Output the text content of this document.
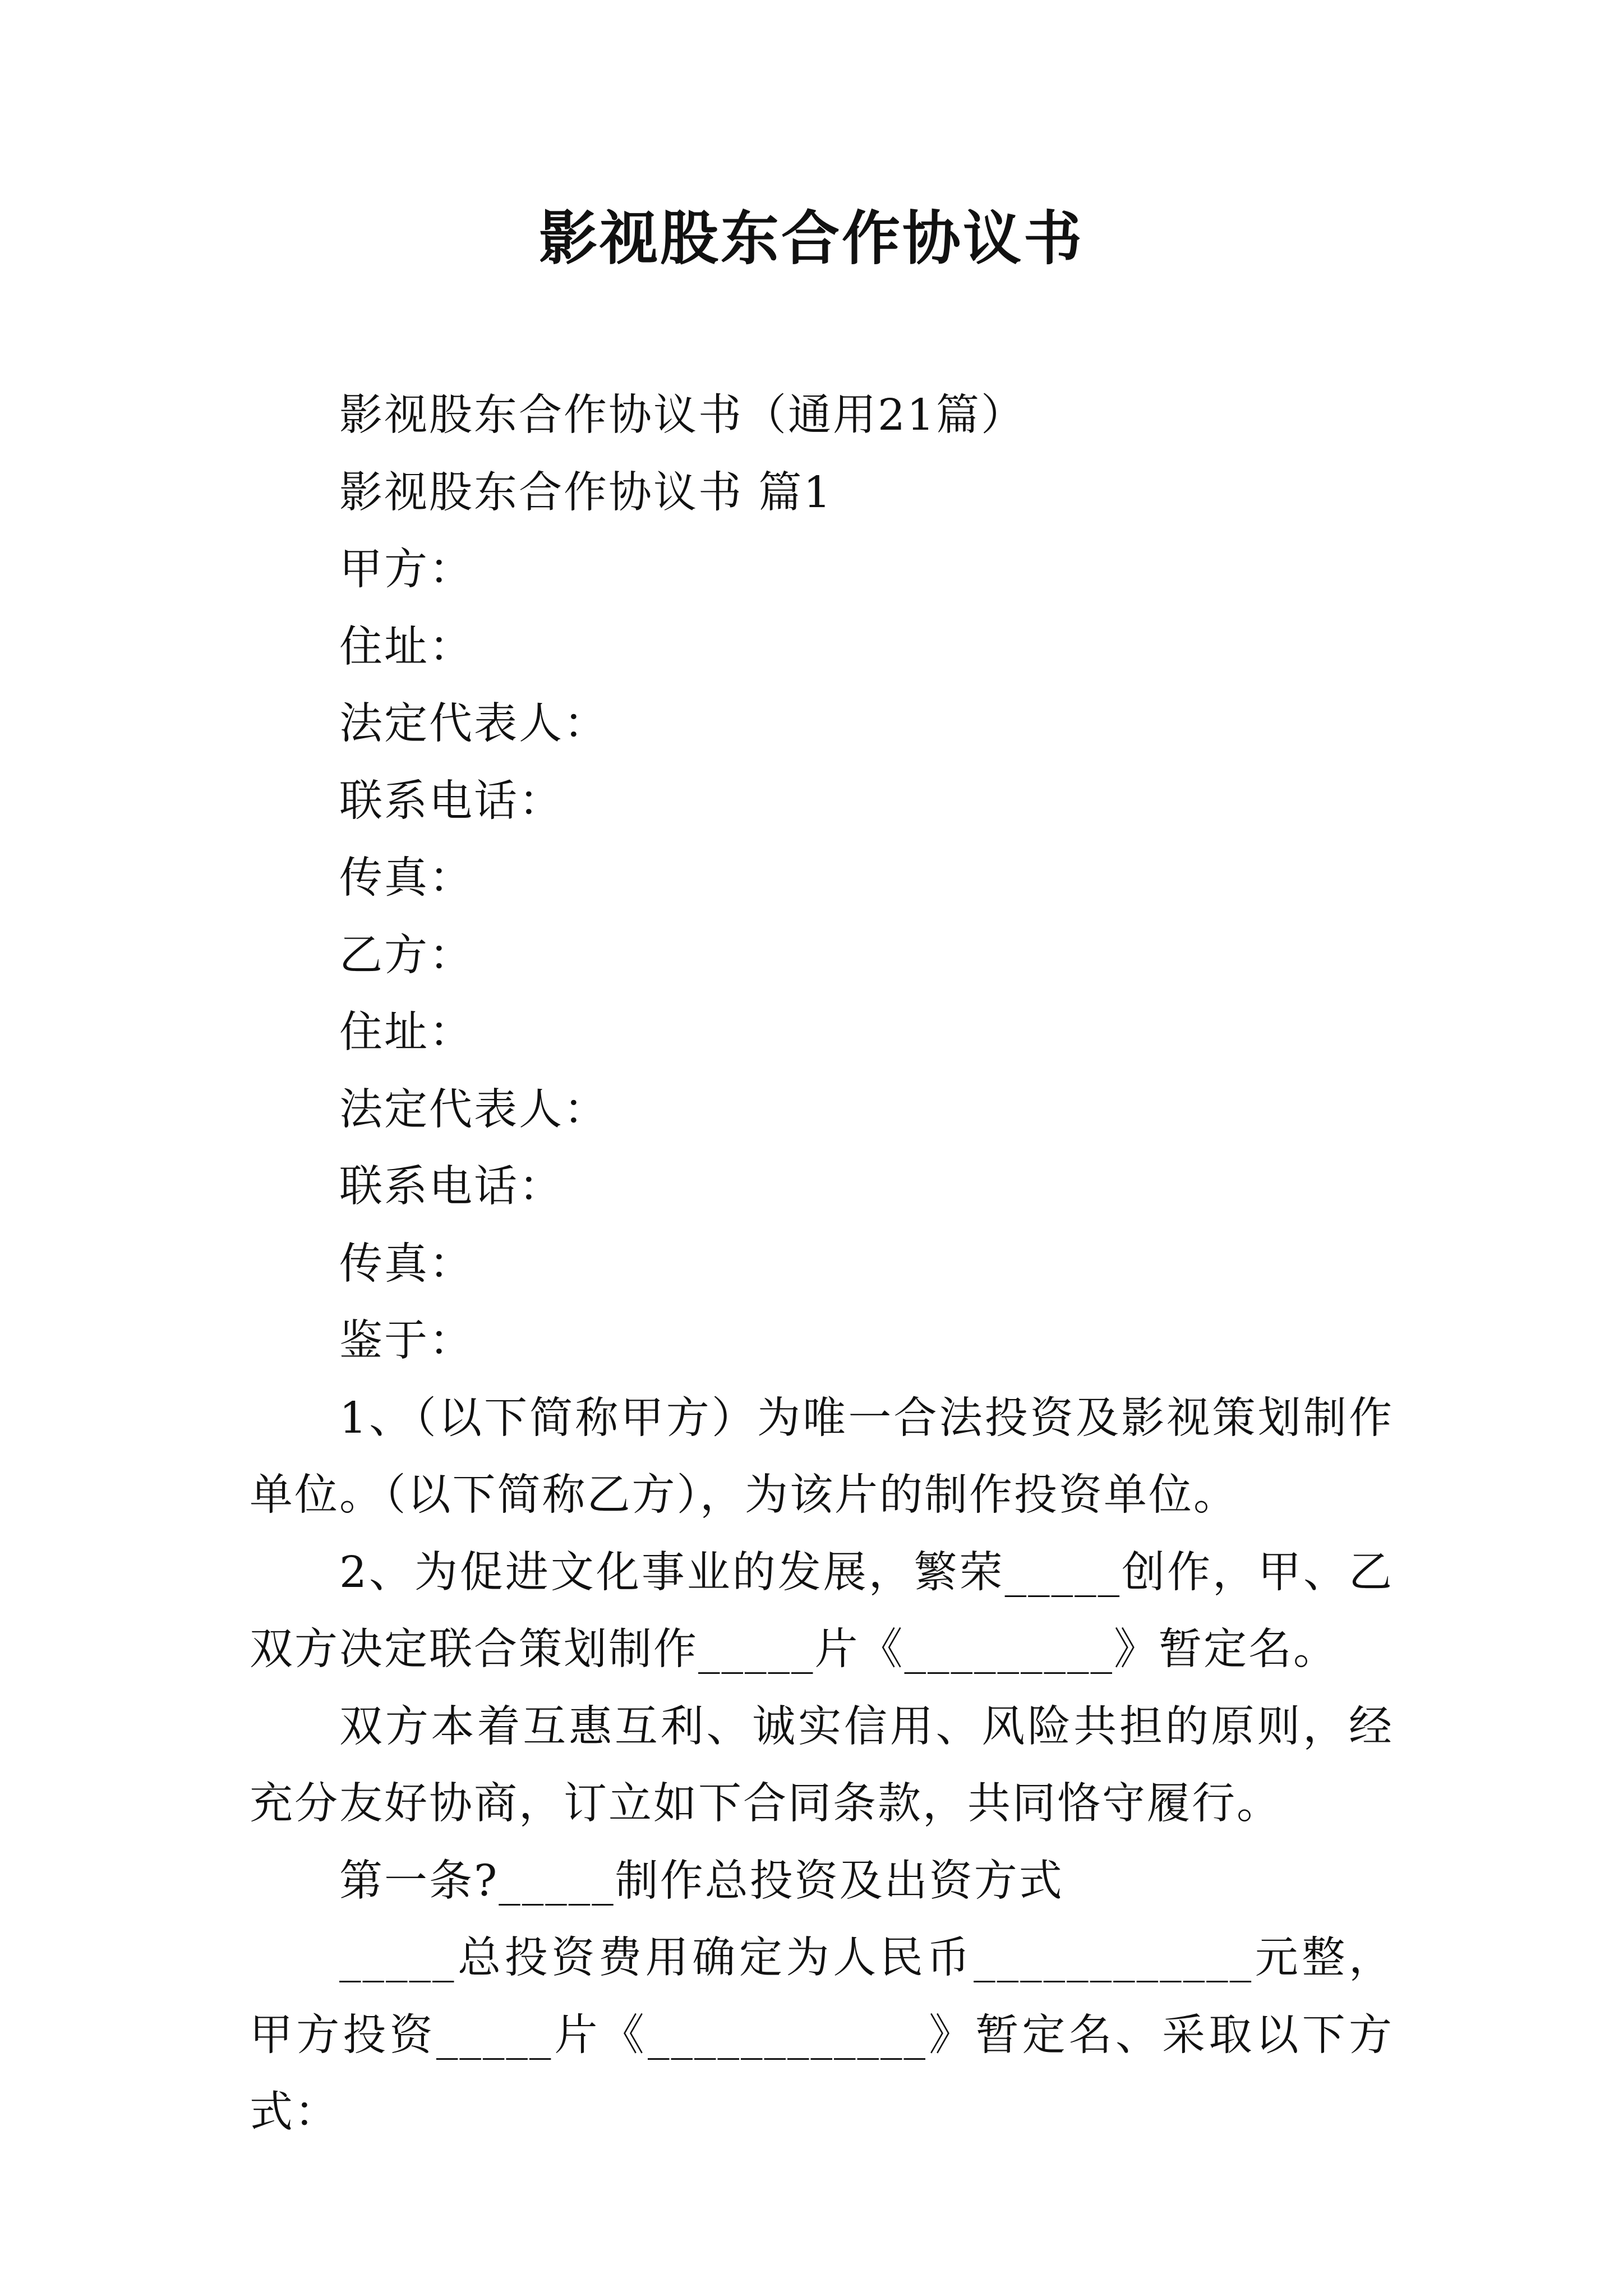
影视股东合作协议书

影视股东合作协议书（通用21篇）

影视股东合作协议书 篇1

甲方：

住址：

法定代表人：

联系电话：

传真：

乙方：

住址：

法定代表人：

联系电话：

传真：

鉴于：

1、（以下简称甲方）为唯一合法投资及影视策划制作单位。（以下简称乙方），为该片的制作投资单位。

2、为促进文化事业的发展，繁荣_____创作，甲、乙双方决定联合策划制作_____片《_________》暂定名。

双方本着互惠互利、诚实信用、风险共担的原则，经充分友好协商，订立如下合同条款，共同恪守履行。

第一条?_____制作总投资及出资方式

_____总投资费用确定为人民币____________元整，甲方投资_____片《____________》暂定名、采取以下方式：
